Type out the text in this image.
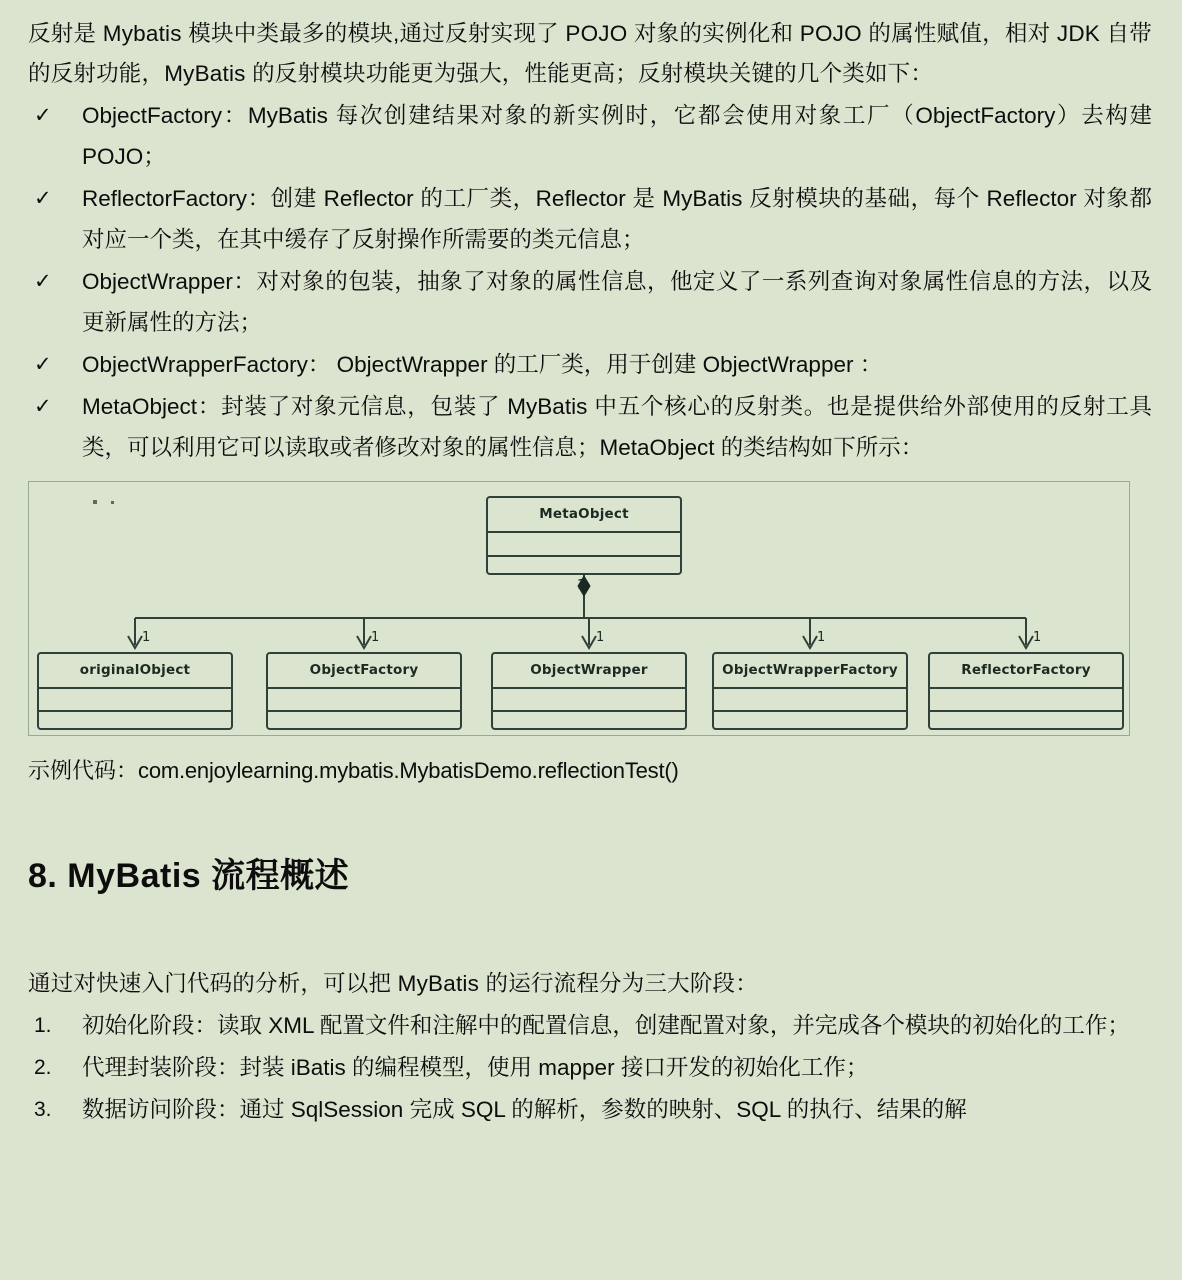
反射是 Mybatis 模块中类最多的模块,通过反射实现了 POJO 对象的实例化和 POJO 的属性赋值，相对 JDK 自带的反射功能，MyBatis 的反射模块功能更为强大，性能更高；反射模块关键的几个类如下：

✓ ObjectFactory：MyBatis 每次创建结果对象的新实例时，它都会使用对象工厂（ObjectFactory）去构建 POJO；
✓ ReflectorFactory：创建 Reflector 的工厂类，Reflector 是 MyBatis 反射模块的基础，每个 Reflector 对象都对应一个类，在其中缓存了反射操作所需要的类元信息；
✓ ObjectWrapper：对对象的包装，抽象了对象的属性信息，他定义了一系列查询对象属性信息的方法，以及更新属性的方法；
✓ ObjectWrapperFactory： ObjectWrapper 的工厂类，用于创建 ObjectWrapper ：
✓ MetaObject：封装了对象元信息，包装了 MyBatis 中五个核心的反射类。也是提供给外部使用的反射工具类，可以利用它可以读取或者修改对象的属性信息；MetaObject 的类结构如下所示：
1
1	1	1	1	1
MetaObject
originalObject	ObjectFactory	ObjectWrapper	ObjectWrapperFactory	ReflectorFactory

示例代码：com.enjoylearning.mybatis.MybatisDemo.reflectionTest()

8. MyBatis 流程概述

通过对快速入门代码的分析，可以把 MyBatis 的运行流程分为三大阶段：

1. 初始化阶段：读取 XML 配置文件和注解中的配置信息，创建配置对象，并完成各个模块的初始化的工作；
2. 代理封装阶段：封装 iBatis 的编程模型，使用 mapper 接口开发的初始化工作；
3. 数据访问阶段：通过 SqlSession 完成 SQL 的解析，参数的映射、SQL 的执行、结果的解
